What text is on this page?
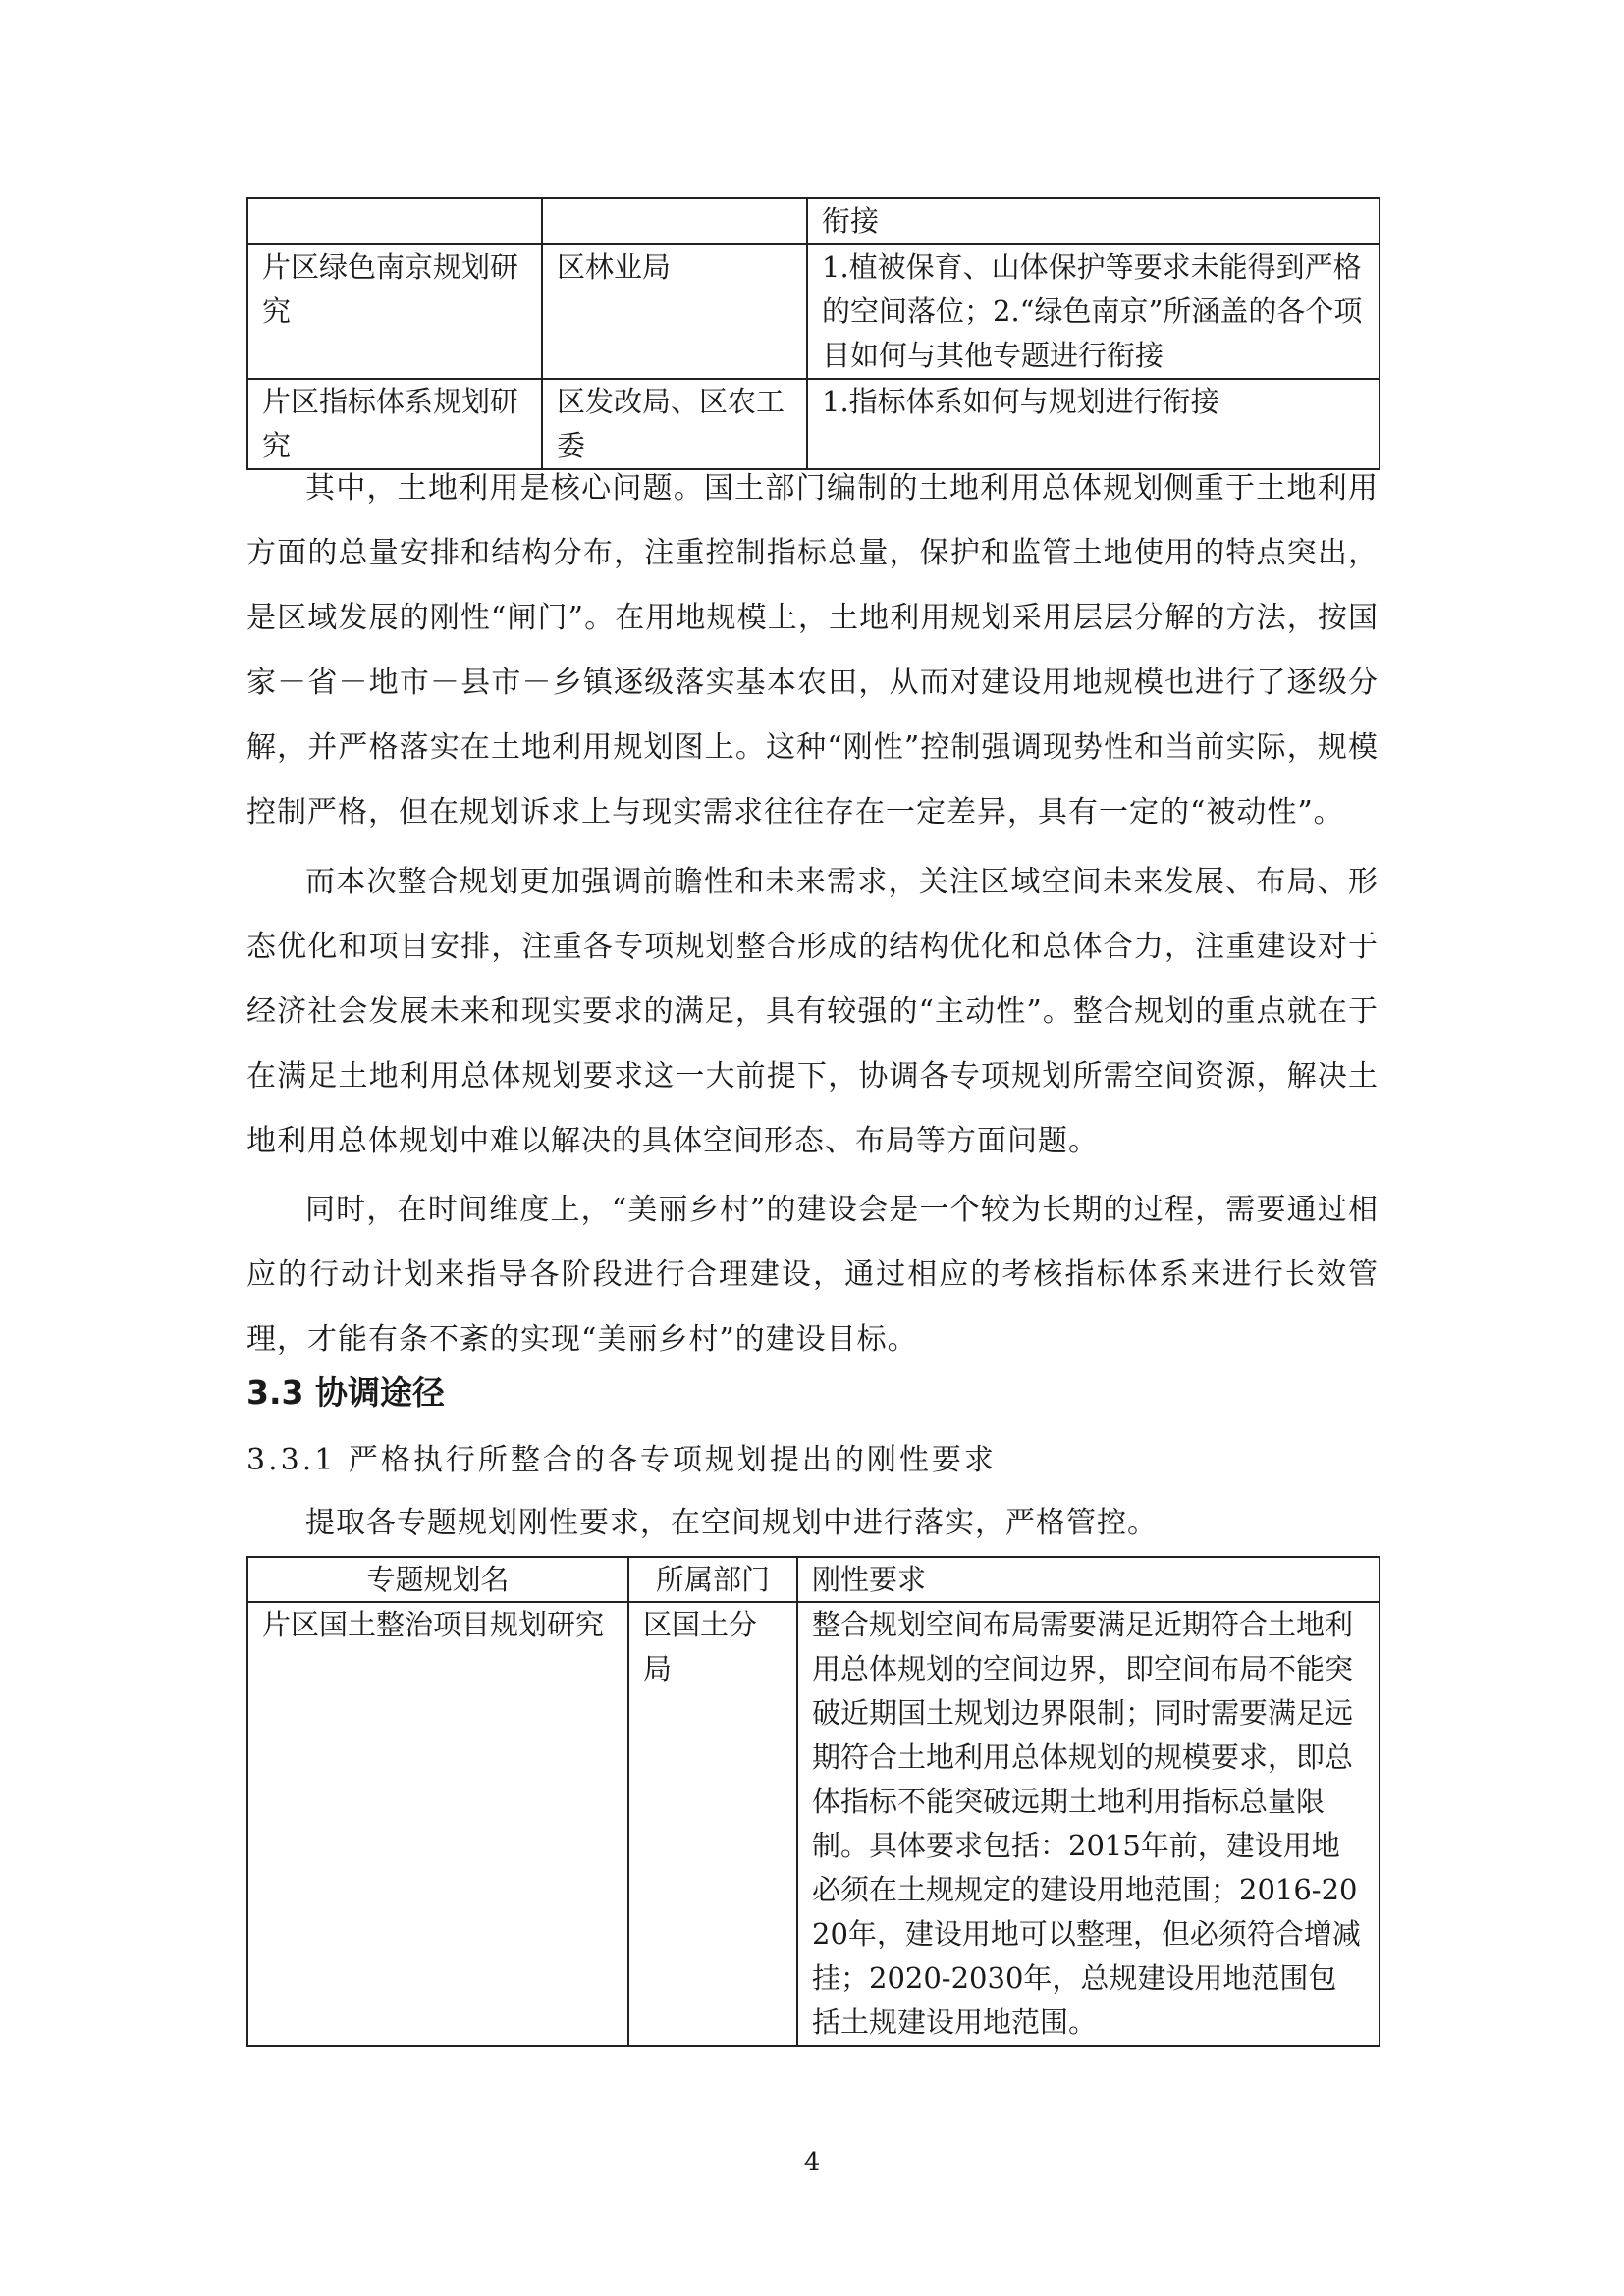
		衔接
片区绿色南京规划研究	区林业局	1.植被保育、山体保护等要求未能得到严格的空间落位；2.“绿色南京”所涵盖的各个项目如何与其他专题进行衔接
片区指标体系规划研究	区发改局、区农工委	1.指标体系如何与规划进行衔接

其中，土地利用是核心问题。国土部门编制的土地利用总体规划侧重于土地利用方面的总量安排和结构分布，注重控制指标总量，保护和监管土地使用的特点突出，是区域发展的刚性“闸门”。在用地规模上，土地利用规划采用层层分解的方法，按国家－省－地市－县市－乡镇逐级落实基本农田，从而对建设用地规模也进行了逐级分解，并严格落实在土地利用规划图上。这种“刚性”控制强调现势性和当前实际，规模控制严格，但在规划诉求上与现实需求往往存在一定差异，具有一定的“被动性”。

而本次整合规划更加强调前瞻性和未来需求，关注区域空间未来发展、布局、形态优化和项目安排，注重各专项规划整合形成的结构优化和总体合力，注重建设对于经济社会发展未来和现实要求的满足，具有较强的“主动性”。整合规划的重点就在于在满足土地利用总体规划要求这一大前提下，协调各专项规划所需空间资源，解决土地利用总体规划中难以解决的具体空间形态、布局等方面问题。

同时，在时间维度上，“美丽乡村”的建设会是一个较为长期的过程，需要通过相应的行动计划来指导各阶段进行合理建设，通过相应的考核指标体系来进行长效管理，才能有条不紊的实现“美丽乡村”的建设目标。

3.3 协调途径
3.3.1 严格执行所整合的各专项规划提出的刚性要求
提取各专题规划刚性要求，在空间规划中进行落实，严格管控。
专题规划名	所属部门	刚性要求
片区国土整治项目规划研究	区国土分局	整合规划空间布局需要满足近期符合土地利用总体规划的空间边界，即空间布局不能突破近期国土规划边界限制；同时需要满足远期符合土地利用总体规划的规模要求，即总体指标不能突破远期土地利用指标总量限制。具体要求包括：2015年前，建设用地必须在土规规定的建设用地范围；2016-2020年，建设用地可以整理，但必须符合增减挂；2020-2030年，总规建设用地范围包括土规建设用地范围。
4
